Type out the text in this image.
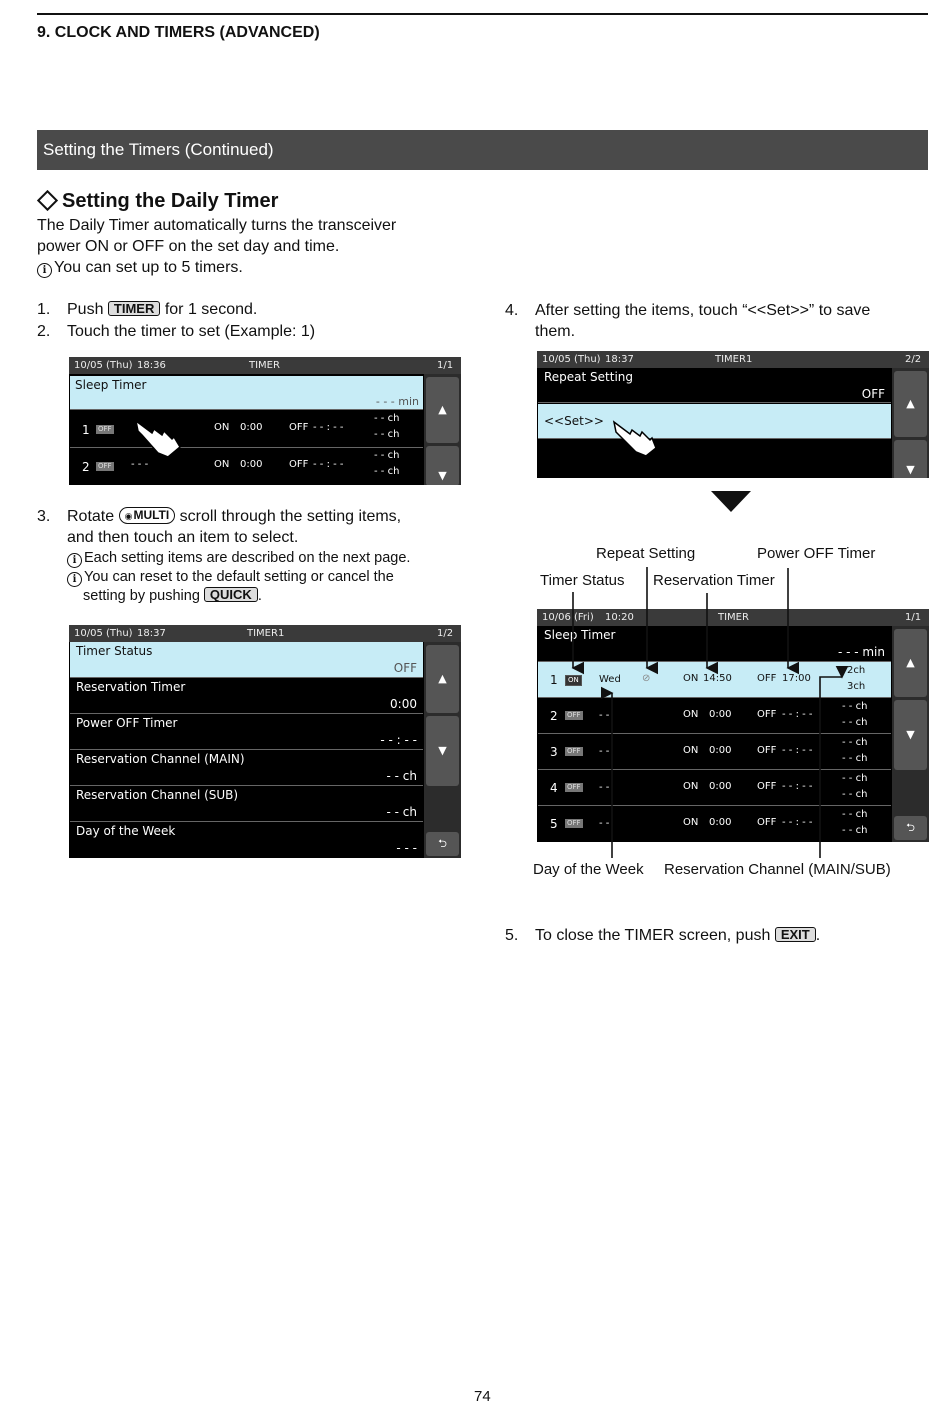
9. CLOCK AND TIMERS (ADVANCED)
Setting the Timers (Continued)
Setting the Daily Timer
The Daily Timer automatically turns the transceiver
power ON or OFF on the set day and time.
i You can set up to 5 timers.
1. Push TIMER for 1 second.
2. Touch the timer to set (Example: 1)
10/05 (Thu) 18:36	TIMER	1/1
Sleep Timer
- - - min
1 OFF	ON 0:00	OFF - - : - -
- - ch
- - ch
2 OFF - - -	ON 0:00	OFF - - : - -
- - ch
- - ch
▲
▼
3. Rotate ◉ MULTI scroll through the setting items,
and then touch an item to select.
i Each setting items are described on the next page.
i You can reset to the default setting or cancel the
setting by pushing QUICK .
10/05 (Thu) 18:37	TIMER1	1/2
Timer Status
OFF
Reservation Timer
0:00
Power OFF Timer
- - : - -
Reservation Channel (MAIN)
- - ch
Reservation Channel (SUB)
- - ch
Day of the Week
- - -
▲
▼
⮌
4. After setting the items, touch “<<Set>>” to save
them.
10/05 (Thu) 18:37	TIMER1	2/2
Repeat Setting
OFF
<<Set>>
▲
▼
Repeat Setting	Power OFF Timer
Timer Status Reservation Timer
10/06 (Fri) 10:20	TIMER	1/1
Sleep Timer
- - - min
1	ON	Wed ⊘	ON 14:50	OFF 17:00
2ch
3ch
2 OFF - -	ON 0:00	OFF - - : - -
- - ch
- - ch
3 OFF - -	ON 0:00	OFF - - : - -
- - ch
- - ch
4 OFF - -	ON 0:00	OFF - - : - -
- - ch
- - ch
5 OFF - -	ON 0:00	OFF - - : - -
- - ch
- - ch
▲
▼
⮌
Day of the Week Reservation Channel (MAIN/SUB)
5. To close the TIMER screen, push EXIT .
74
